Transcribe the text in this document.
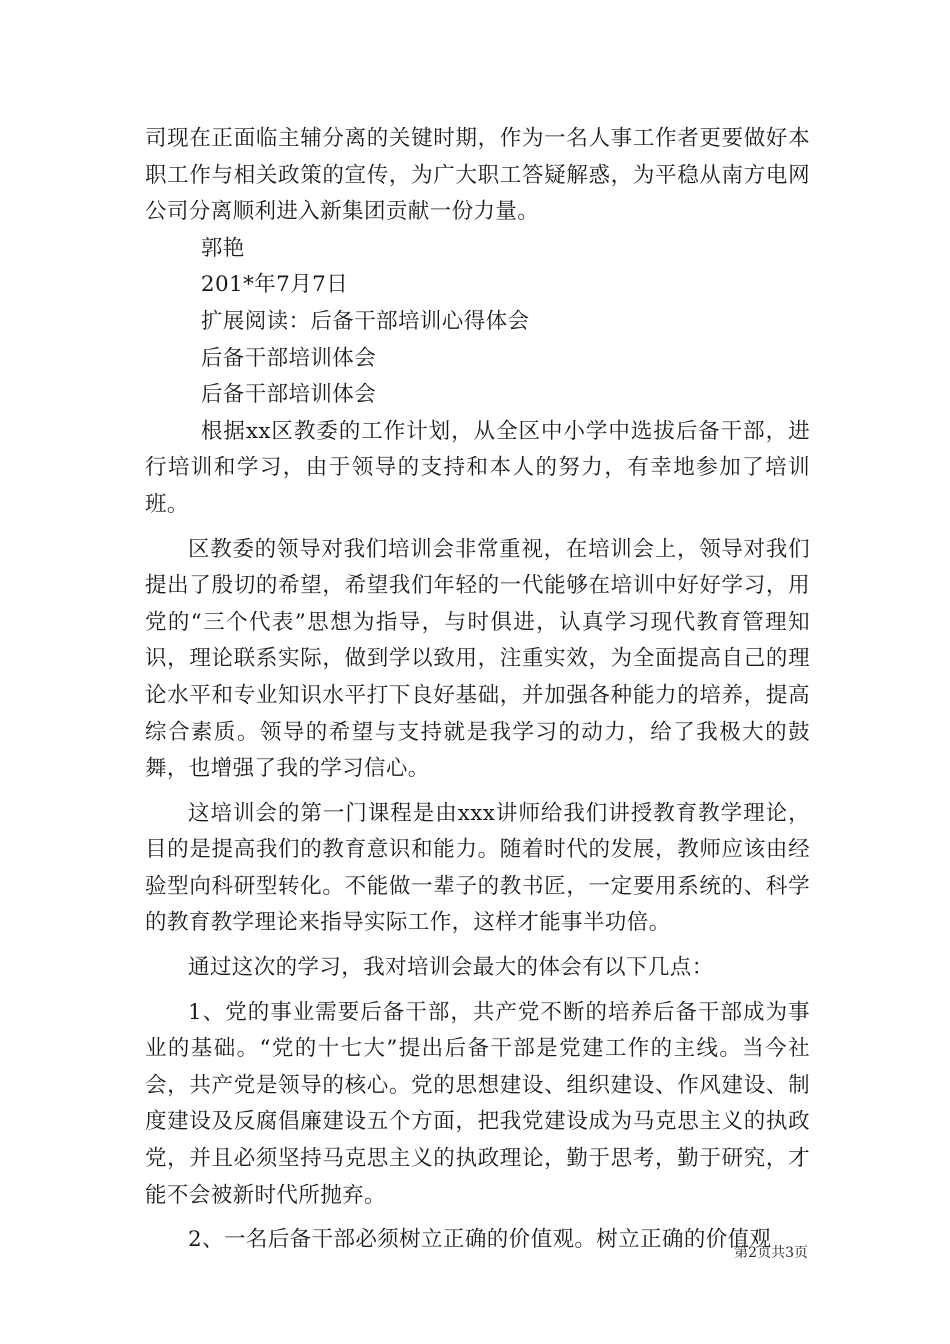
司现在正面临主辅分离的关键时期，作为一名人事工作者更要做好本职工作与相关政策的宣传，为广大职工答疑解惑，为平稳从南方电网公司分离顺利进入新集团贡献一份力量。

郭艳

201*年7月7日

扩展阅读：后备干部培训心得体会

后备干部培训体会

后备干部培训体会

根据xx区教委的工作计划，从全区中小学中选拔后备干部，进行培训和学习，由于领导的支持和本人的努力，有幸地参加了培训班。

区教委的领导对我们培训会非常重视，在培训会上，领导对我们提出了殷切的希望，希望我们年轻的一代能够在培训中好好学习，用党的“三个代表”思想为指导，与时俱进，认真学习现代教育管理知识，理论联系实际，做到学以致用，注重实效，为全面提高自己的理论水平和专业知识水平打下良好基础，并加强各种能力的培养，提高综合素质。领导的希望与支持就是我学习的动力，给了我极大的鼓舞，也增强了我的学习信心。

这培训会的第一门课程是由xxx讲师给我们讲授教育教学理论，目的是提高我们的教育意识和能力。随着时代的发展，教师应该由经验型向科研型转化。不能做一辈子的教书匠，一定要用系统的、科学的教育教学理论来指导实际工作，这样才能事半功倍。

通过这次的学习，我对培训会最大的体会有以下几点：

1、党的事业需要后备干部，共产党不断的培养后备干部成为事业的基础。“党的十七大”提出后备干部是党建工作的主线。当今社会，共产党是领导的核心。党的思想建设、组织建设、作风建设、制度建设及反腐倡廉建设五个方面，把我党建设成为马克思主义的执政党，并且必须坚持马克思主义的执政理论，勤于思考，勤于研究，才能不会被新时代所抛弃。

2、一名后备干部必须树立正确的价值观。树立正确的价值观

第2页共3页
